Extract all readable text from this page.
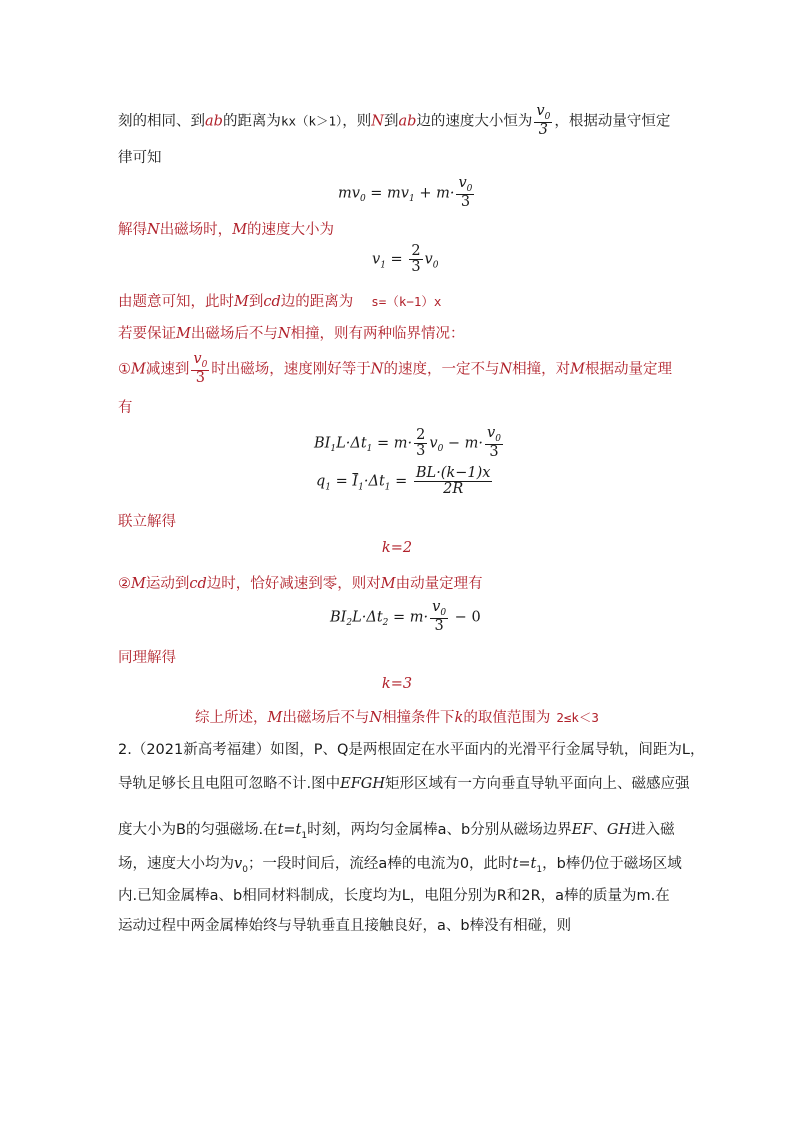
刻的相同、到ab的距离为kx（k＞1），则N到ab边的速度大小恒为 $\frac{v_0}{3}$ ，根据动量守恒定
律可知
$mv_0 = mv_1 + m\cdot \frac{v_0}{3}$
解得N出磁场时，M的速度大小为
$v_1 = \frac{2}{3} v_0$
由题意可知，此时M到cd边的距离为 s=（k−1）x
若要保证M出磁场后不与N相撞，则有两种临界情况：
①M减速到 $\frac{v_0}{3}$ 时出磁场，速度刚好等于N的速度，一定不与N相撞，对M根据动量定理
有
$BI_1L\cdot\Delta t_1 = m\cdot \frac{2}{3} v_0 - m\cdot \frac{v_0}{3}$
$q_1 = \overline{I}_1\cdot\Delta t_1 = \frac{BL\cdot(k-1)x}{2R}$
联立解得
k=2
②M运动到cd边时，恰好减速到零，则对M由动量定理有
$BI_2L\cdot\Delta t_2 = m\cdot \frac{v_0}{3} - 0$
同理解得
k=3
综上所述，M出磁场后不与N相撞条件下k的取值范围为 2≤k＜3
2.（2021新高考福建）如图，P、Q是两根固定在水平面内的光滑平行金属导轨，间距为L，
导轨足够长且电阻可忽略不计.图中EFGH矩形区域有一方向垂直导轨平面向上、磁感应强
度大小为B的匀强磁场.在$t=t_1$时刻，两均匀金属棒a、b分别从磁场边界EF、GH进入磁
场，速度大小均为$v_0$；一段时间后，流经a棒的电流为0，此时$t=t_1$，b棒仍位于磁场区域
内.已知金属棒a、b相同材料制成，长度均为L，电阻分别为R和2R，a棒的质量为m.在
运动过程中两金属棒始终与导轨垂直且接触良好，a、b棒没有相碰，则
